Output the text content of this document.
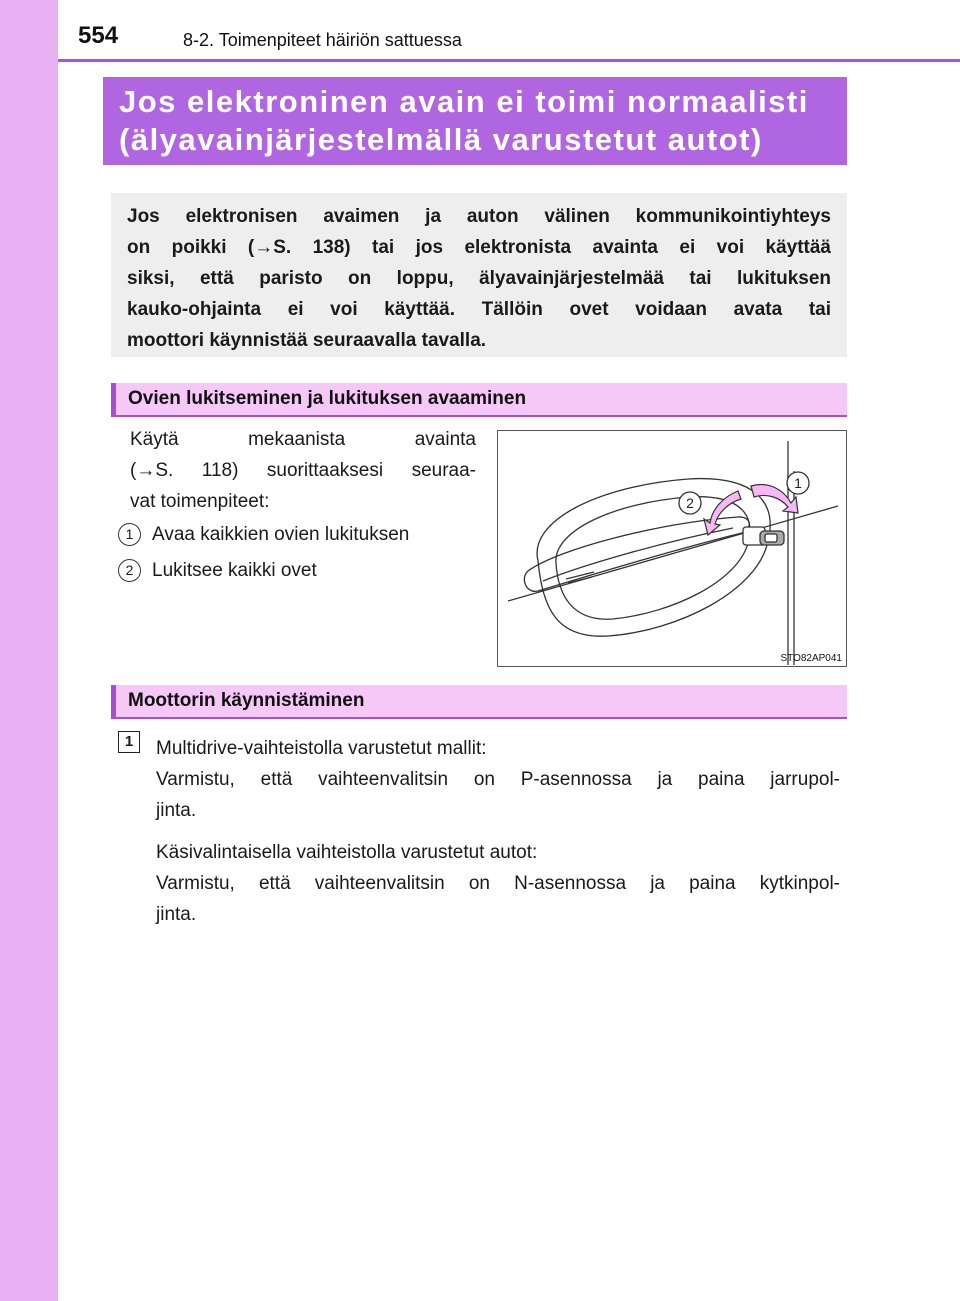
554	8-2. Toimenpiteet häiriön sattuessa
Jos elektroninen avain ei toimi normaalisti
(älyavainjärjestelmällä varustetut autot)
Jos elektronisen avaimen ja auton välinen kommunikointiyhteys
on poikki (→S. 138) tai jos elektronista avainta ei voi käyttää
siksi, että paristo on loppu, älyavainjärjestelmää tai lukituksen
kauko-ohjainta ei voi käyttää. Tällöin ovet voidaan avata tai
moottori käynnistää seuraavalla tavalla.
Ovien lukitseminen ja lukituksen avaaminen
Käytä mekaanista avainta
(→S. 118) suorittaaksesi seuraa-
vat toimenpiteet:
1 Avaa kaikkien ovien lukituksen
2 Lukitsee kaikki ovet
1
2
STO82AP041
Moottorin käynnistäminen
1	Multidrive-vaihteistolla varustetut mallit:
Varmistu, että vaihteenvalitsin on P-asennossa ja paina jarrupol-
jinta.
Käsivalintaisella vaihteistolla varustetut autot:
Varmistu, että vaihteenvalitsin on N-asennossa ja paina kytkinpol-
jinta.
